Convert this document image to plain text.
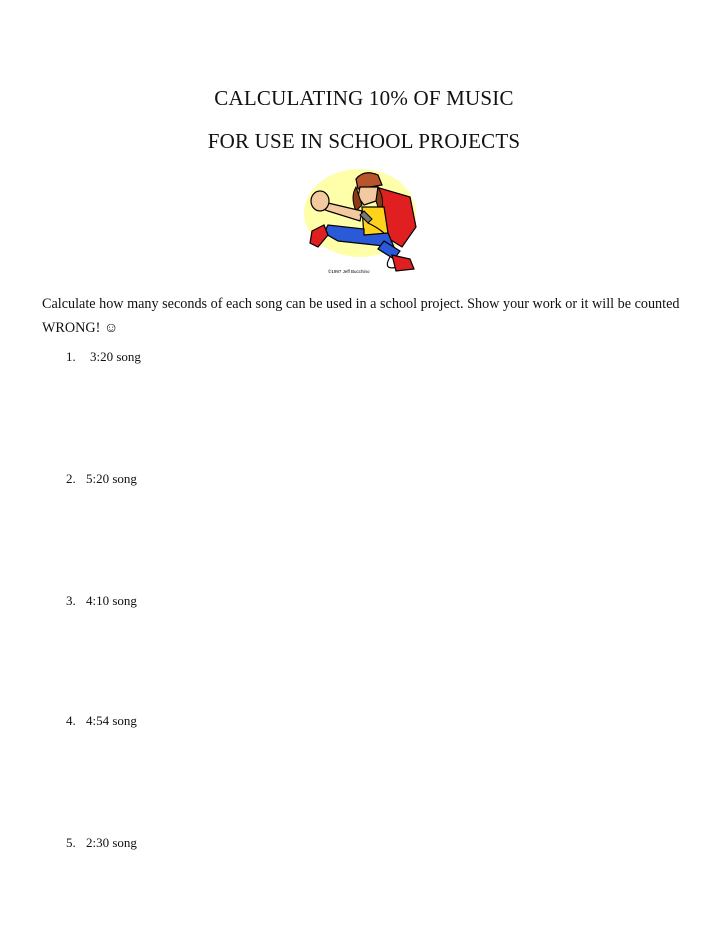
CALCULATING 10% OF MUSIC
FOR USE IN SCHOOL PROJECTS
©1997 Jeff Bucchino

Calculate how many seconds of each song can be used in a school project. Show your work or it will be counted WRONG! ☺

1. 3:20 song
2. 5:20 song
3. 4:10 song
4. 4:54 song
5. 2:30 song
